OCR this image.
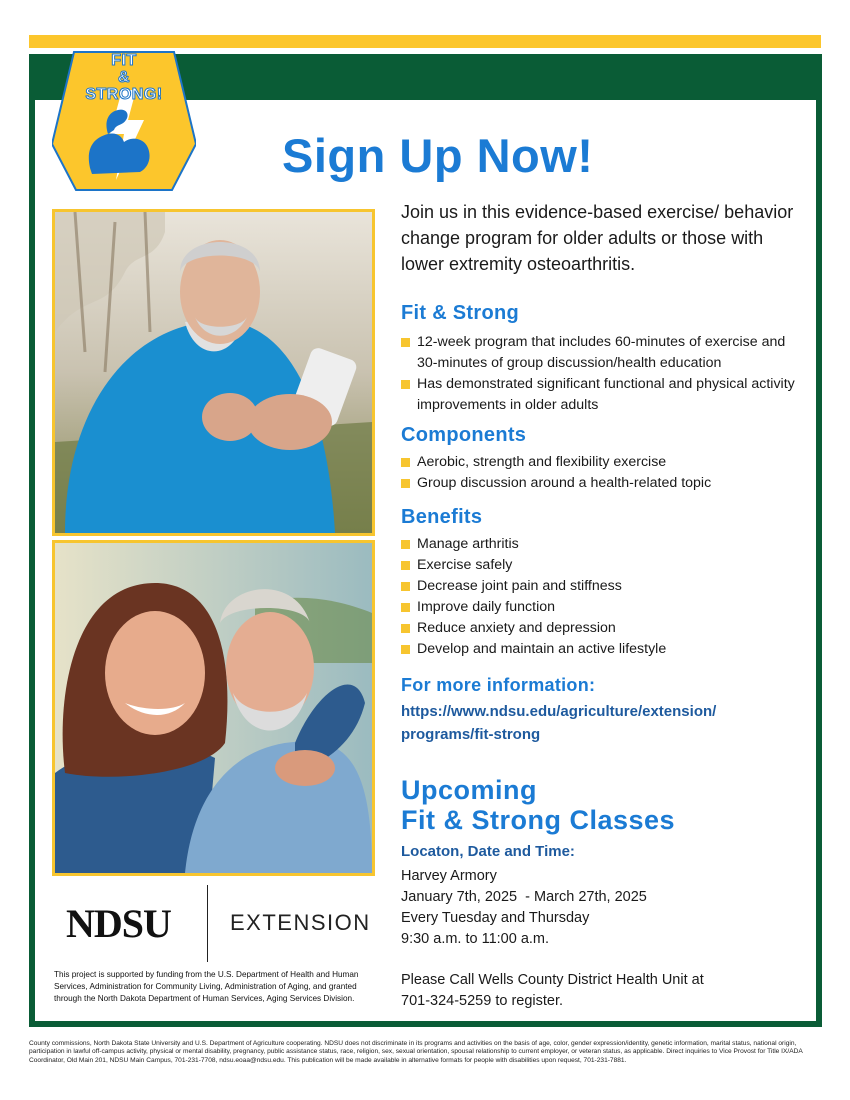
FIT
&
STRONG!
Sign Up Now!
NDSU	EXTENSION
This project is supported by funding from the U.S. Department of Health and Human Services, Administration for Community Living, Administration of Aging, and granted through the North Dakota Department of Human Services, Aging Services Division.
Join us in this evidence-based exercise/ behavior change program for older adults or those with lower extremity osteoarthritis.
Fit & Strong
12-week program that includes 60-minutes of exercise and 30-minutes of group discussion/health education
Has demonstrated significant functional and physical activity improvements in older adults
Components
Aerobic, strength and flexibility exercise
Group discussion around a health-related topic
Benefits
Manage arthritis
Exercise safely
Decrease joint pain and stiffness
Improve daily function
Reduce anxiety and depression
Develop and maintain an active lifestyle
For more information:
https://www.ndsu.edu/agriculture/extension/
programs/fit-strong
Upcoming
Fit & Strong Classes
Locaton, Date and Time:
Harvey Armory
January 7th, 2025  - March 27th, 2025
Every Tuesday and Thursday
9:30 a.m. to 11:00 a.m.
Please Call Wells County District Health Unit at
701-324-5259 to register.
County commissions, North Dakota State University and U.S. Department of Agriculture cooperating. NDSU does not discriminate in its programs and activities on the basis of age, color, gender expression/identity, genetic information, marital status, national origin, participation in lawful off-campus activity, physical or mental disability, pregnancy, public assistance status, race, religion, sex, sexual orientation, spousal relationship to current employer, or veteran status, as applicable. Direct inquiries to Vice Provost for Title IX/ADA Coordinator, Old Main 201, NDSU Main Campus, 701-231-7708, ndsu.eoaa@ndsu.edu. This publication will be made available in alternative formats for people with disabilities upon request, 701-231-7881.
